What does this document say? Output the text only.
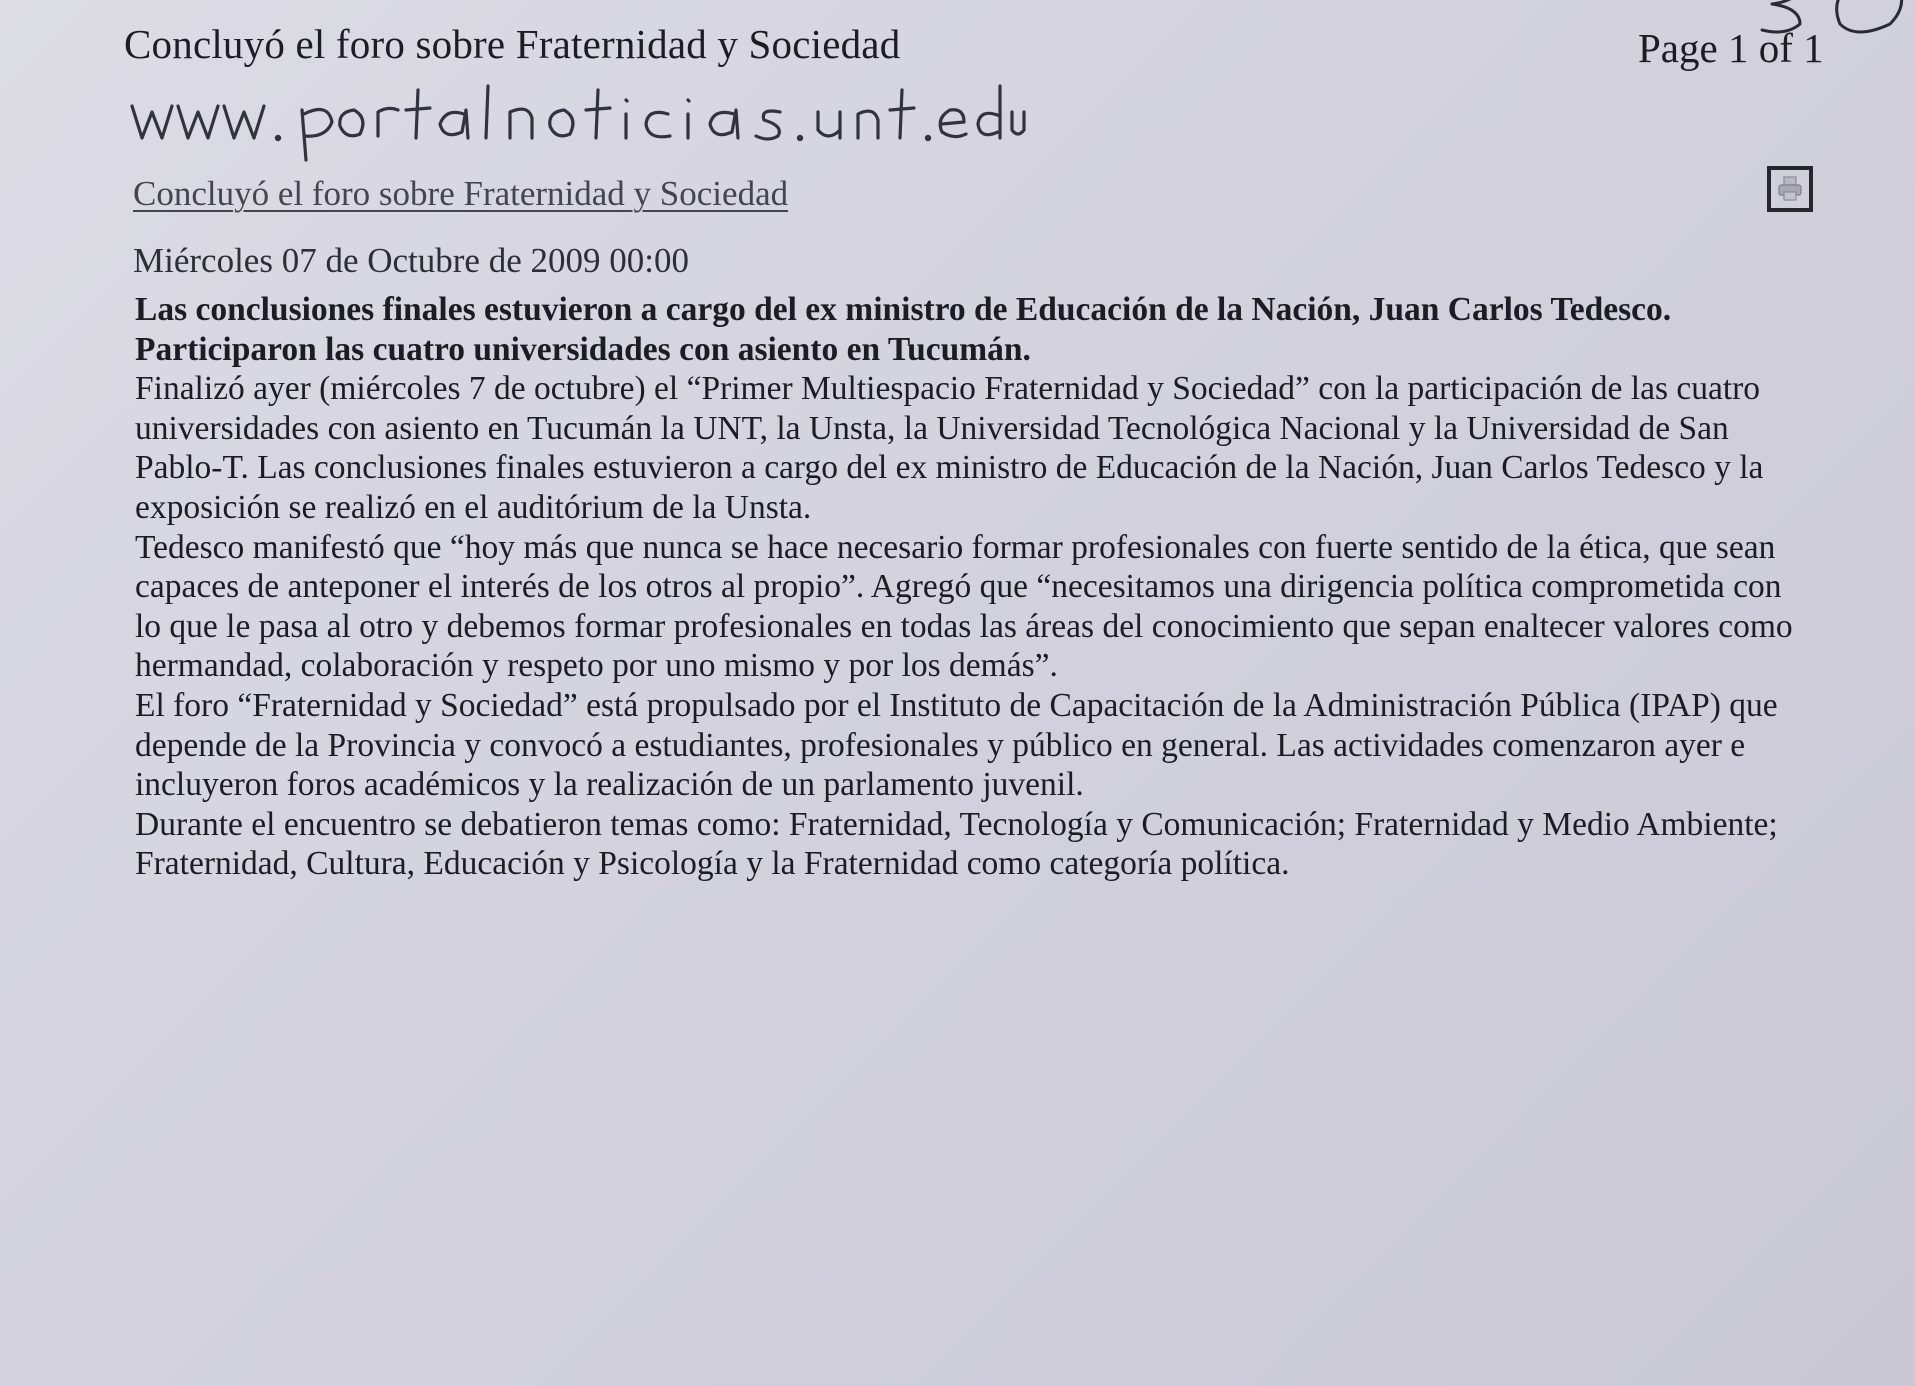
Concluyó el foro sobre Fraternidad y Sociedad	Page 1 of 1
Concluyó el foro sobre Fraternidad y Sociedad
Miércoles 07 de Octubre de 2009 00:00

Las conclusiones finales estuvieron a cargo del ex ministro de Educación de la Nación, Juan Carlos Tedesco. Participaron las cuatro universidades con asiento en Tucumán.

Finalizó ayer (miércoles 7 de octubre) el “Primer Multiespacio Fraternidad y Sociedad” con la participación de las cuatro universidades con asiento en Tucumán la UNT, la Unsta, la Universidad Tecnológica Nacional y la Universidad de San Pablo-T. Las conclusiones finales estuvieron a cargo del ex ministro de Educación de la Nación, Juan Carlos Tedesco y la exposición se realizó en el auditórium de la Unsta.

Tedesco manifestó que “hoy más que nunca se hace necesario formar profesionales con fuerte sentido de la ética, que sean capaces de anteponer el interés de los otros al propio”. Agregó que “necesitamos una dirigencia política comprometida con lo que le pasa al otro y debemos formar profesionales en todas las áreas del conocimiento que sepan enaltecer valores como hermandad, colaboración y respeto por uno mismo y por los demás”.

El foro “Fraternidad y Sociedad” está propulsado por el Instituto de Capacitación de la Administración Pública (IPAP) que depende de la Provincia y convocó a estudiantes, profesionales y público en general. Las actividades comenzaron ayer e incluyeron foros académicos y la realización de un parlamento juvenil.

Durante el encuentro se debatieron temas como: Fraternidad, Tecnología y Comunicación; Fraternidad y Medio Ambiente; Fraternidad, Cultura, Educación y Psicología y la Fraternidad como categoría política.
